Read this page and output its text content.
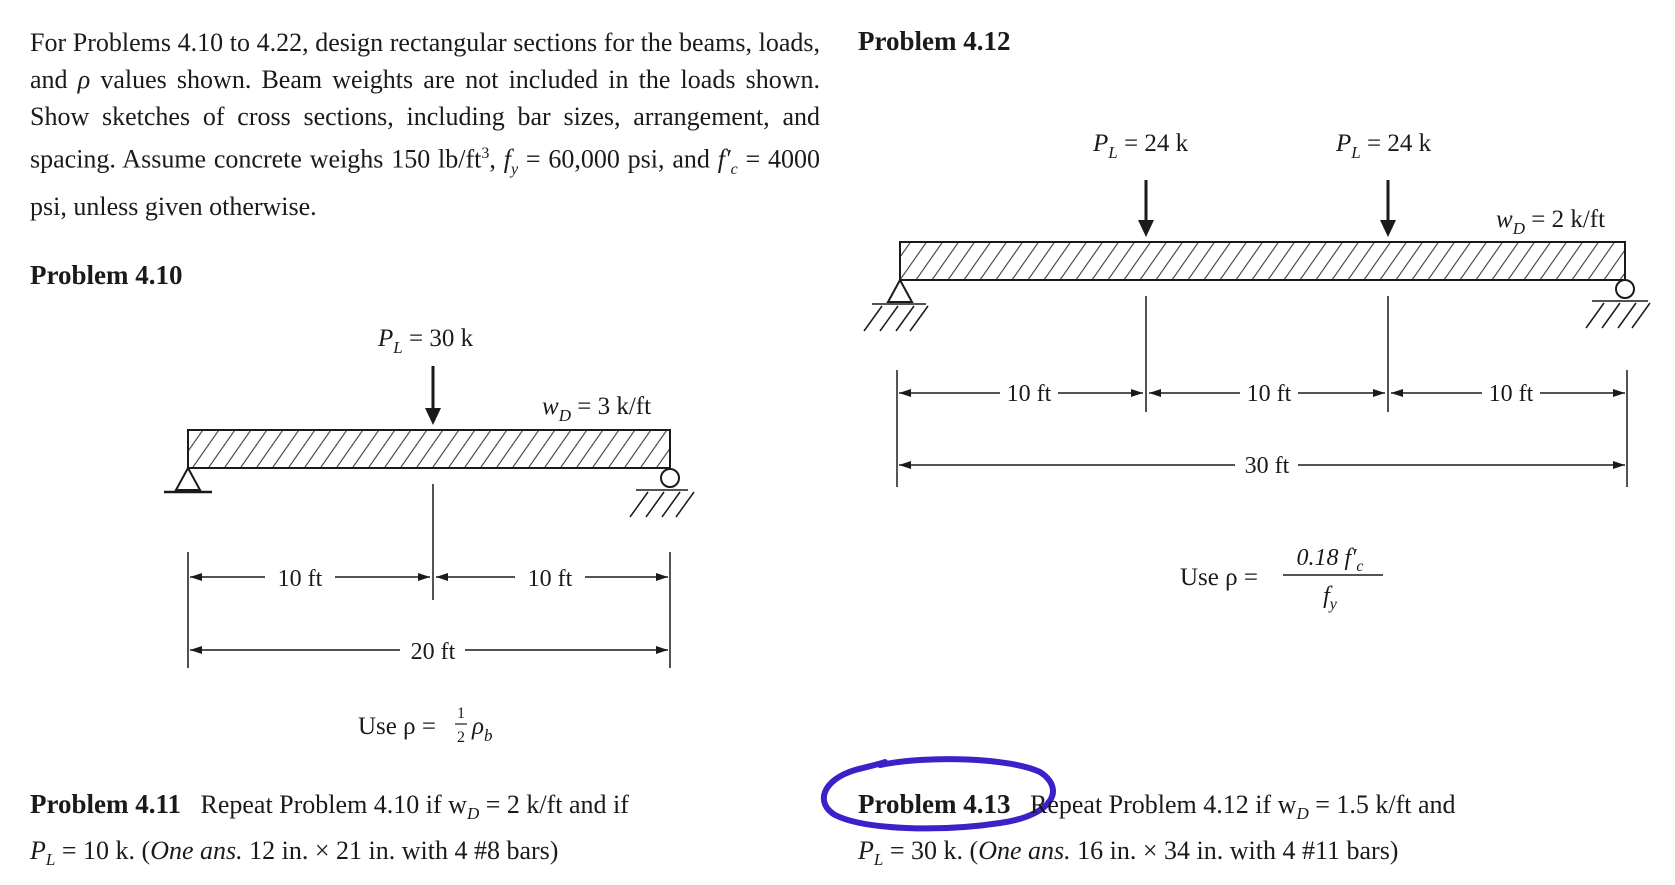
For Problems 4.10 to 4.22, design rectangular sections for the beams, loads, and ρ values shown. Beam weights are not included in the loads shown. Show sketches of cross sections, including bar sizes, arrangement, and spacing. Assume concrete weighs 150 $lb/ft^3$, $f_y = 60,000$ psi, and $f'_c = 4000$ psi, unless given otherwise.
Problem 4.10
Problem 4.12
$P_L = 30$ k
$w_D = 3$ k/ft
10 ft	10 ft
20 ft
Use ρ = 1
2 $\rho_b$
$P_L = 24$ k	$P_L = 24$ k
$w_D = 2$ k/ft
10 ft	10 ft	10 ft
30 ft
Use ρ =
0.18 $f'_c$
$f_y$
Problem 4.11 Repeat Problem 4.10 if $w_D = 2$ k/ft and if
$P_L = 10$ k. (One ans. 12 in. × 21 in. with 4 #8 bars)
Problem 4.13 Repeat Problem 4.12 if $w_D = 1.5$ k/ft and
$P_L = 30$ k. (One ans. 16 in. × 34 in. with 4 #11 bars)
